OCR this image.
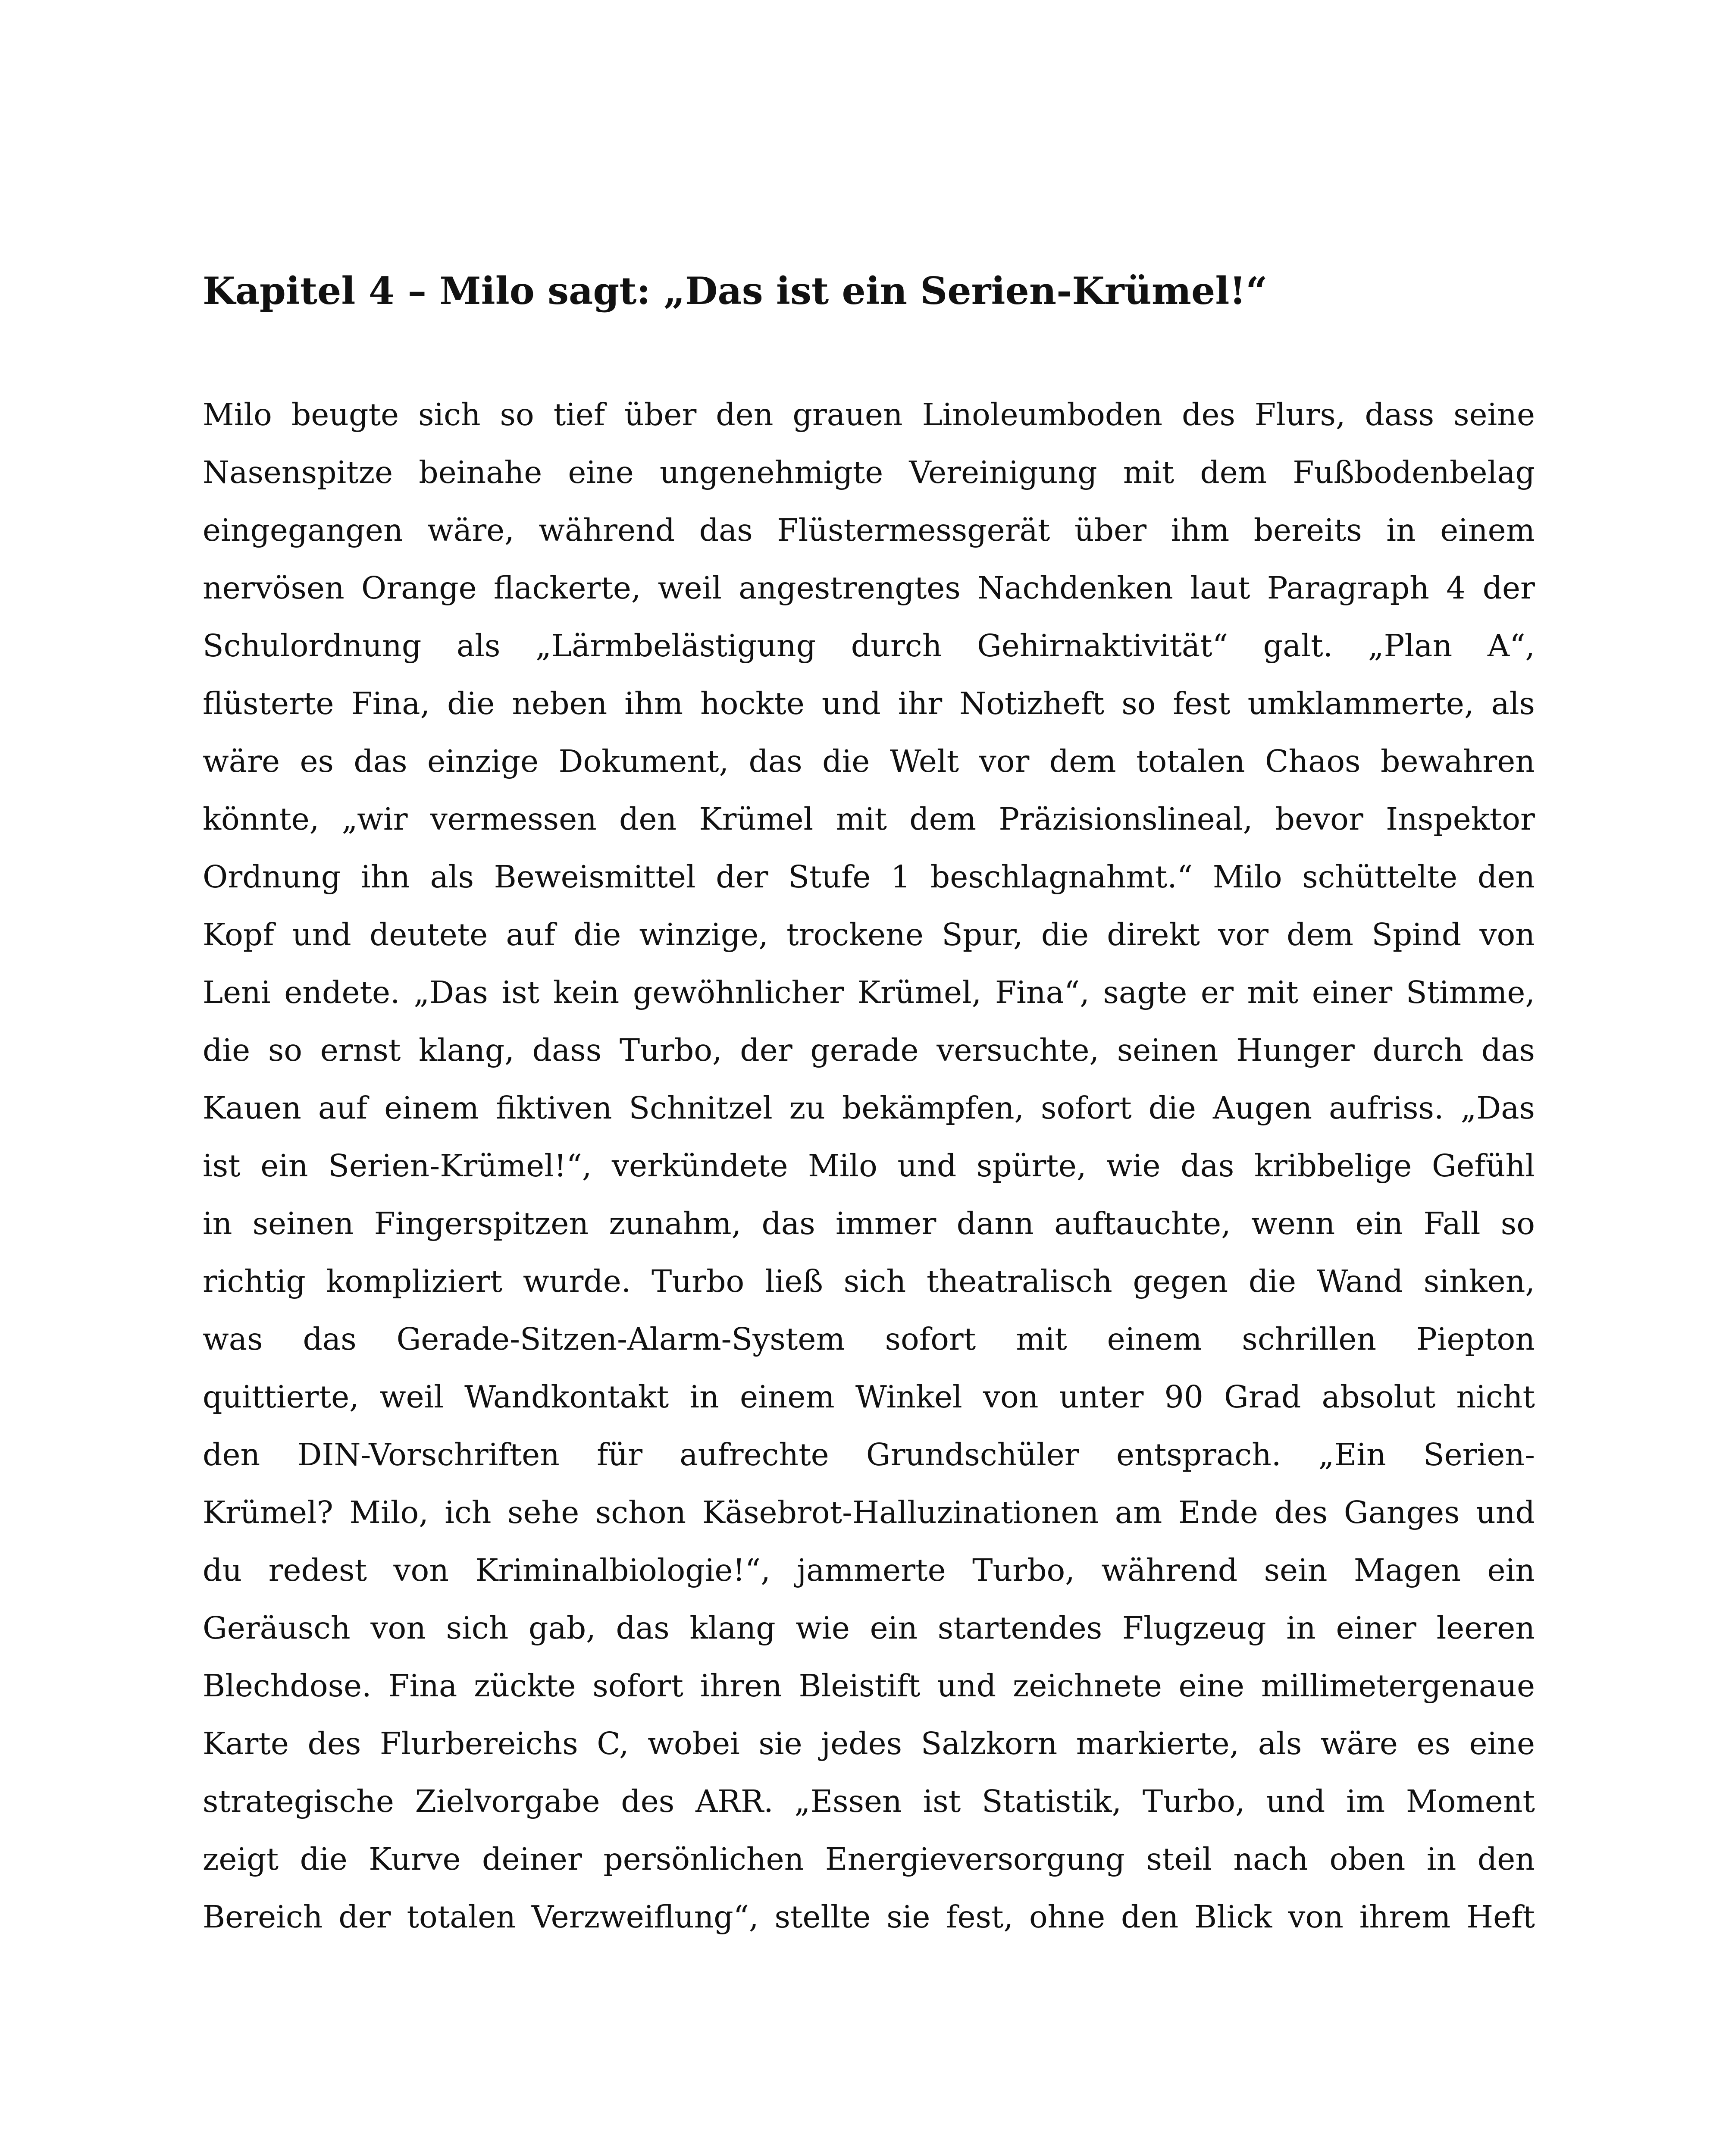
Kapitel 4 – Milo sagt: „Das ist ein Serien-Krümel!“
Milo beugte sich so tief über den grauen Linoleumboden des Flurs, dass seine
Nasenspitze beinahe eine ungenehmigte Vereinigung mit dem Fußbodenbelag
eingegangen wäre, während das Flüstermessgerät über ihm bereits in einem
nervösen Orange flackerte, weil angestrengtes Nachdenken laut Paragraph 4 der
Schulordnung als „Lärmbelästigung durch Gehirnaktivität“ galt. „Plan A“,
flüsterte Fina, die neben ihm hockte und ihr Notizheft so fest umklammerte, als
wäre es das einzige Dokument, das die Welt vor dem totalen Chaos bewahren
könnte, „wir vermessen den Krümel mit dem Präzisionslineal, bevor Inspektor
Ordnung ihn als Beweismittel der Stufe 1 beschlagnahmt.“ Milo schüttelte den
Kopf und deutete auf die winzige, trockene Spur, die direkt vor dem Spind von
Leni endete. „Das ist kein gewöhnlicher Krümel, Fina“, sagte er mit einer Stimme,
die so ernst klang, dass Turbo, der gerade versuchte, seinen Hunger durch das
Kauen auf einem fiktiven Schnitzel zu bekämpfen, sofort die Augen aufriss. „Das
ist ein Serien-Krümel!“, verkündete Milo und spürte, wie das kribbelige Gefühl
in seinen Fingerspitzen zunahm, das immer dann auftauchte, wenn ein Fall so
richtig kompliziert wurde. Turbo ließ sich theatralisch gegen die Wand sinken,
was das Gerade-Sitzen-Alarm-System sofort mit einem schrillen Piepton
quittierte, weil Wandkontakt in einem Winkel von unter 90 Grad absolut nicht
den DIN-Vorschriften für aufrechte Grundschüler entsprach. „Ein Serien-
Krümel? Milo, ich sehe schon Käsebrot-Halluzinationen am Ende des Ganges und
du redest von Kriminalbiologie!“, jammerte Turbo, während sein Magen ein
Geräusch von sich gab, das klang wie ein startendes Flugzeug in einer leeren
Blechdose. Fina zückte sofort ihren Bleistift und zeichnete eine millimetergenaue
Karte des Flurbereichs C, wobei sie jedes Salzkorn markierte, als wäre es eine
strategische Zielvorgabe des ARR. „Essen ist Statistik, Turbo, und im Moment
zeigt die Kurve deiner persönlichen Energieversorgung steil nach oben in den
Bereich der totalen Verzweiflung“, stellte sie fest, ohne den Blick von ihrem Heft
